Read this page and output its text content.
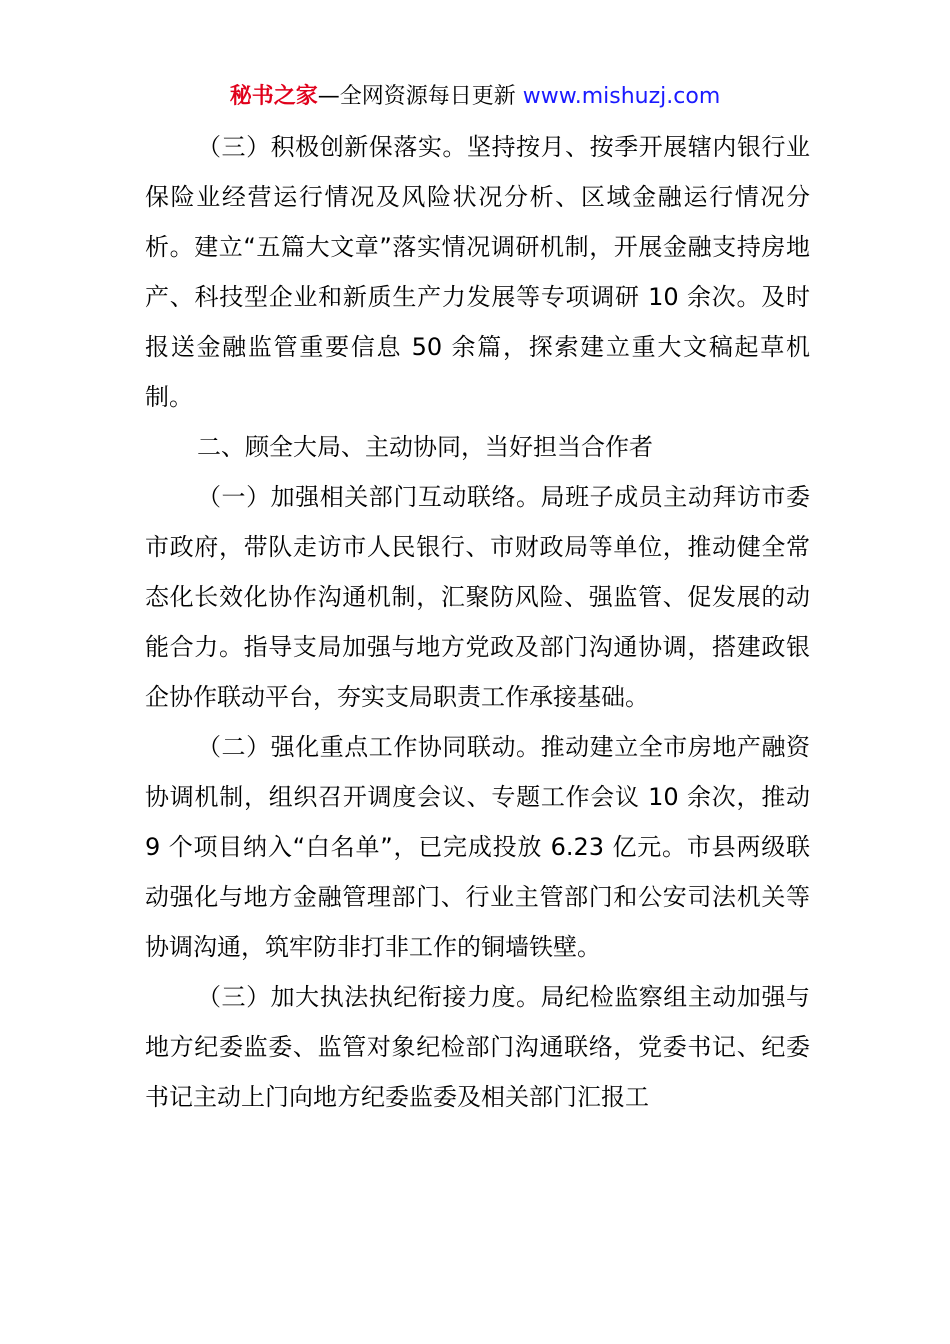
秘书之家—全网资源每日更新 www.mishuzj.com

（三）积极创新保落实。坚持按月、按季开展辖内银行业保险业经营运行情况及风险状况分析、区域金融运行情况分析。建立“五篇大文章”落实情况调研机制，开展金融支持房地产、科技型企业和新质生产力发展等专项调研 10 余次。及时报送金融监管重要信息 50 余篇，探索建立重大文稿起草机制。

二、顾全大局、主动协同，当好担当合作者

（一）加强相关部门互动联络。局班子成员主动拜访市委市政府，带队走访市人民银行、市财政局等单位，推动健全常态化长效化协作沟通机制，汇聚防风险、强监管、促发展的动能合力。指导支局加强与地方党政及部门沟通协调，搭建政银企协作联动平台，夯实支局职责工作承接基础。

（二）强化重点工作协同联动。推动建立全市房地产融资协调机制，组织召开调度会议、专题工作会议 10 余次，推动 9 个项目纳入“白名单”，已完成投放 6.23 亿元。市县两级联动强化与地方金融管理部门、行业主管部门和公安司法机关等协调沟通，筑牢防非打非工作的铜墙铁壁。

（三）加大执法执纪衔接力度。局纪检监察组主动加强与地方纪委监委、监管对象纪检部门沟通联络，党委书记、纪委书记主动上门向地方纪委监委及相关部门汇报工
